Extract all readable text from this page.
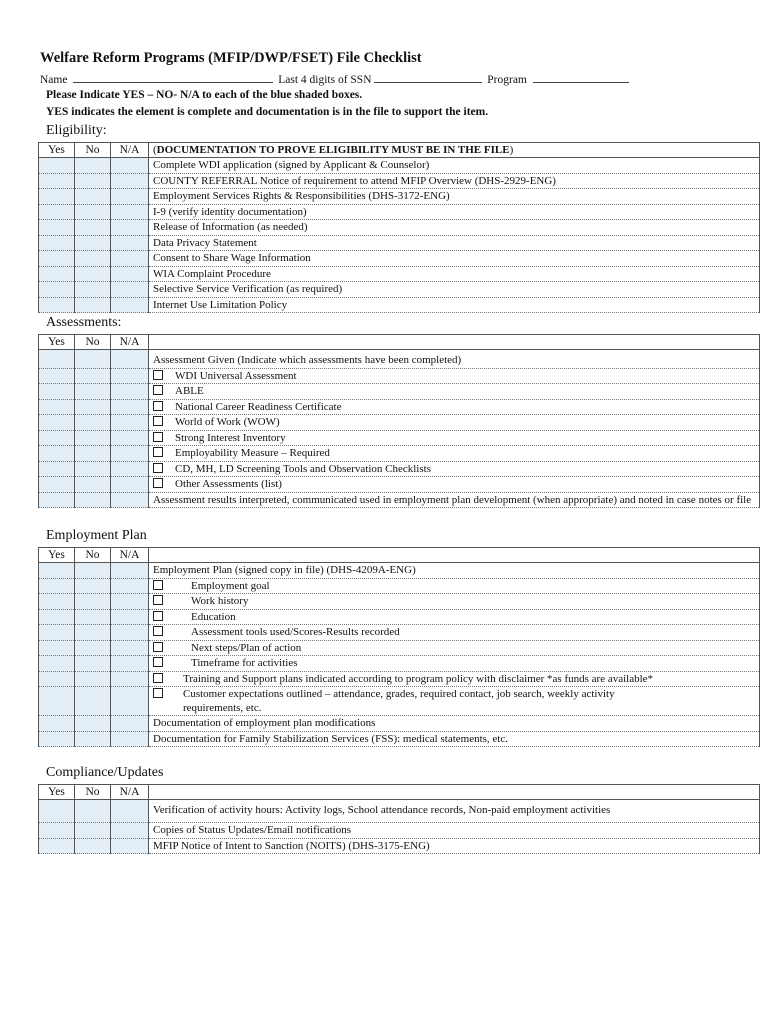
Welfare Reform Programs (MFIP/DWP/FSET) File Checklist
Name	Last 4 digits of SSN	Program
Please Indicate YES – NO- N/A to each of the blue shaded boxes.
YES indicates the element is complete and documentation is in the file to support the item.
Eligibility:
Yes	No	N/A	(DOCUMENTATION TO PROVE ELIGIBILITY MUST BE IN THE FILE)
			Complete WDI application (signed by Applicant & Counselor)
			COUNTY REFERRAL Notice of requirement to attend MFIP Overview (DHS-2929-ENG)
			Employment Services Rights & Responsibilities (DHS-3172-ENG)
			I-9 (verify identity documentation)
			Release of Information (as needed)
			Data Privacy Statement
			Consent to Share Wage Information
			WIA Complaint Procedure
			Selective Service Verification (as required)
			Internet Use Limitation Policy
Assessments:
Yes	No	N/A	
			Assessment Given (Indicate which assessments have been completed)
			WDI Universal Assessment
			ABLE
			National Career Readiness Certificate
			World of Work (WOW)
			Strong Interest Inventory
			Employability Measure – Required
			CD, MH, LD Screening Tools and Observation Checklists
			Other Assessments (list)
			Assessment results interpreted, communicated used in employment plan development (when appropriate) and noted in case notes or file
Employment Plan
Yes	No	N/A	
			Employment Plan (signed copy in file) (DHS-4209A-ENG)
			Employment goal
			Work history
			Education
			Assessment tools used/Scores-Results recorded
			Next steps/Plan of action
			Timeframe for activities
			Training and Support plans indicated according to program policy with disclaimer *as funds are available*
			Customer expectations outlined – attendance, grades, required contact, job search, weekly activity requirements, etc.
			Documentation of employment plan modifications
			Documentation for Family Stabilization Services (FSS): medical statements, etc.
Compliance/Updates
Yes	No	N/A	
			Verification of activity hours: Activity logs, School attendance records, Non-paid employment activities
			Copies of Status Updates/Email notifications
			MFIP Notice of Intent to Sanction (NOITS) (DHS-3175-ENG)
